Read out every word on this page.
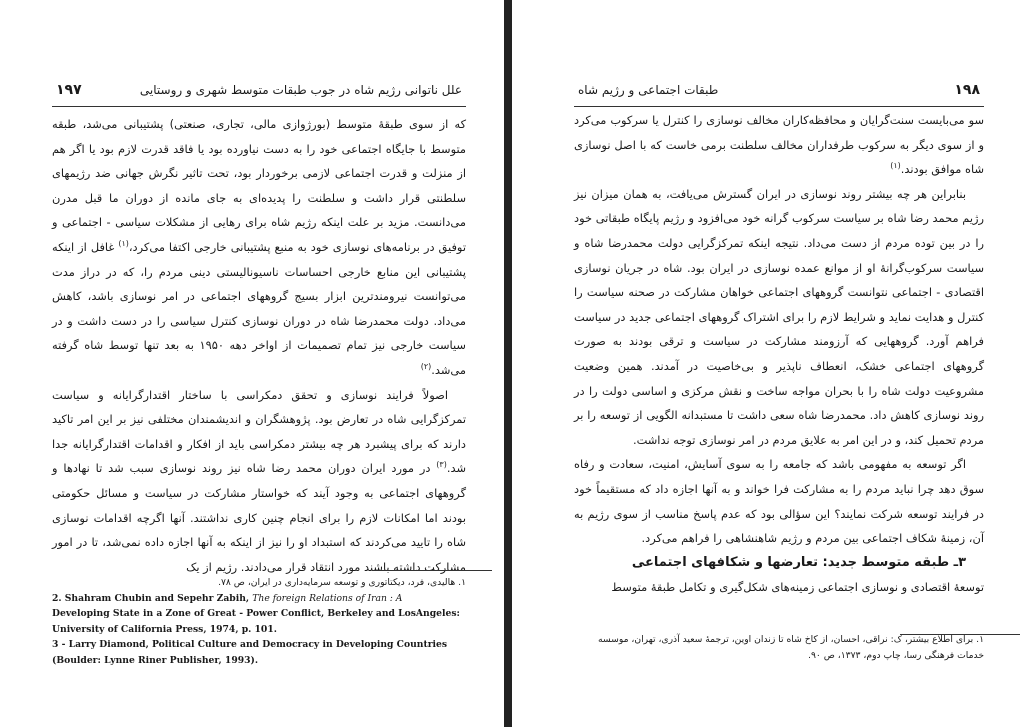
۱۹۷	علل ناتوانی رژیم شاه در جوب طبقات متوسط شهری و روستایی

که از سوی طبقهٔ متوسط (بورژوازی مالی، تجاری، صنعتی) پشتیبانی می‌شد، طبقه متوسط با جایگاه اجتماعی خود را به دست نیاورده بود یا فاقد قدرت لازم بود یا اگر هم از منزلت و قدرت اجتماعی لازمی برخوردار بود، تحت تاثیر نگرش جهانی ضد رژیمهای سلطنتی قرار داشت و سلطنت را پدیده‌ای به جای مانده از دوران ما قبل مدرن می‌دانست. مزید بر علت اینکه رژیم شاه برای رهایی از مشکلات سیاسی - اجتماعی و توفیق در برنامه‌های نوسازی خود به منبع پشتیبانی خارجی اکتفا می‌کرد،$^{(۱)}$ غافل از اینکه پشتیبانی این منابع خارجی احساسات ناسیونالیستی دینی مردم را، که در دراز مدت می‌توانست نیرومندترین ابزار بسیج گروههای اجتماعی در امر نوسازی باشد، کاهش می‌داد. دولت محمدرضا شاه در دوران نوسازی کنترل سیاسی را در دست داشت و در سیاست خارجی نیز تمام تصمیمات از اواخر دهه ۱۹۵۰ به بعد تنها توسط شاه گرفته می‌شد.$^{(۲)}$

اصولاً فرایند نوسازی و تحقق دمکراسی با ساختار اقتدارگرایانه و سیاست تمرکزگرایی شاه در تعارض بود. پژوهشگران و اندیشمندان مختلفی نیز بر این امر تاکید دارند که برای پیشبرد هر چه بیشتر دمکراسی باید از افکار و اقدامات اقتدارگرایانه جدا شد.$^{(۳)}$ در مورد ایران دوران محمد رضا شاه نیز روند نوسازی سبب شد تا نهادها و گروههای اجتماعی به وجود آیند که خواستار مشارکت در سیاست و مسائل حکومتی بودند اما امکانات لازم را برای انجام چنین کاری نداشتند. آنها اگرچه اقدامات نوسازی شاه را تایید می‌کردند که استبداد او را نیز از اینکه به آنها اجازه داده نمی‌شد، تا در امور مشارکت داشته باشند مورد انتقاد قرار می‌دادند. رژیم از یک

۱. هالیدی، فرد، دیکتاتوری و توسعه سرمایه‌داری در ایران، ص ۷۸.
2. Shahram Chubin and Sepehr Zabih, The foreign Relations of Iran : A
Developing State in a Zone of Great - Power Conflict, Berkeley and LosAngeles: University of California Press, 1974, p. 101.
3 - Larry Diamond, Political Culture and Democracy in Developing Countries (Boulder: Lynne Riner Publisher, 1993).
۱۹۸
طبقات اجتماعی و رژیم شاه

سو می‌بایست سنت‌گرایان و محافظه‌کاران مخالف نوسازی را کنترل یا سرکوب می‌کرد و از سوی دیگر به سرکوب طرفداران مخالف سلطنت برمی خاست که با اصل نوسازی شاه موافق بودند.$^{(۱)}$

بنابراین هر چه بیشتر روند نوسازی در ایران گسترش می‌یافت، به همان میزان نیز رژیم محمد رضا شاه بر سیاست سرکوب گرانه خود می‌افزود و رژیم پایگاه طبقاتی خود را در بین توده مردم از دست می‌داد. نتیجه اینکه تمرکزگرایی دولت محمدرضا شاه و سیاست سرکوب‌گرانهٔ او از موانع عمده نوسازی در ایران بود. شاه در جریان نوسازی اقتصادی - اجتماعی نتوانست گروههای اجتماعی خواهان مشارکت در صحنه سیاست را کنترل و هدایت نماید و شرایط لازم را برای اشتراک گروههای اجتماعی جدید در سیاست فراهم آورد. گروههایی که آرزومند مشارکت در سیاست و ترقی بودند به صورت گروههای اجتماعی خشک، انعطاف ناپذیر و بی‌خاصیت در آمدند. همین وضعیت مشروعیت دولت شاه را با بحران مواجه ساخت و نقش مرکزی و اساسی دولت را در روند نوسازی کاهش داد. محمدرضا شاه سعی داشت تا مستبدانه الگویی از توسعه را بر مردم تحمیل کند، و در این امر به علایق مردم در امر نوسازی توجه نداشت.

اگر توسعه به مفهومی باشد که جامعه را به سوی آسایش، امنیت، سعادت و رفاه سوق دهد چرا نباید مردم را به مشارکت فرا خواند و به آنها اجازه داد که مستقیماً خود در فرایند توسعه شرکت نمایند؟ این سؤالی بود که عدم پاسخ مناسب از سوی رژیم به آن، زمینهٔ شکاف اجتماعی بین مردم و رژیم شاهنشاهی را فراهم می‌کرد.

۳ـ طبقه متوسط جدید: تعارضها و شکافهای اجتماعی

توسعهٔ اقتصادی و نوسازی اجتماعی زمینه‌های شکل‌گیری و تکامل طبقهٔ متوسط

۱. برای اطلاع بیشتر، ک: نراقی، احسان، از کاخ شاه تا زندان اوین، ترجمهٔ سعید آذری، تهران، موسسه خدمات فرهنگی رسا، چاپ دوم، ۱۳۷۳، ص ۹۰.
